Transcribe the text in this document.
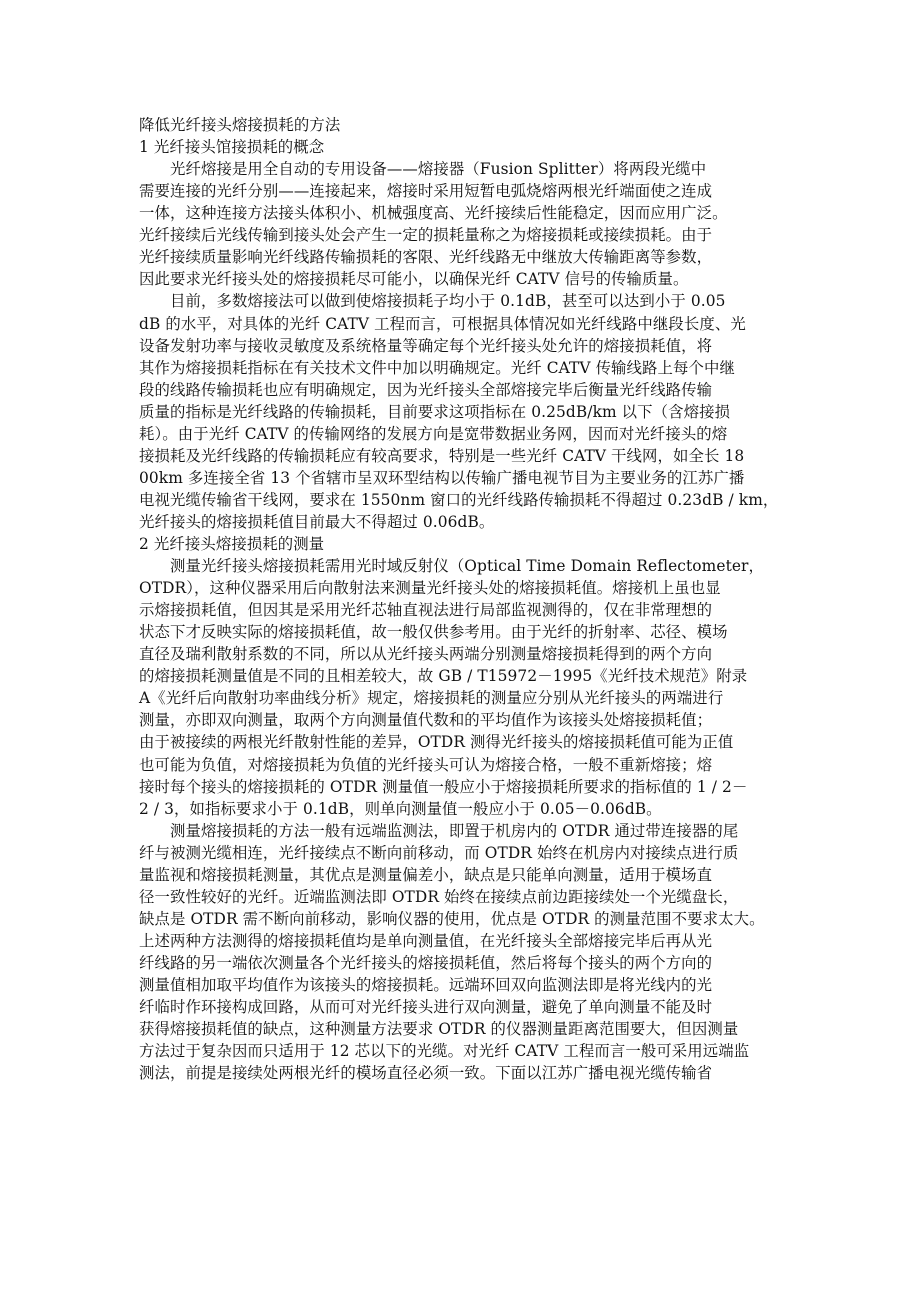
降低光纤接头熔接损耗的方法
1 光纤接头馆接损耗的概念
　　光纤熔接是用全自动的专用设备——熔接器（Fusion Splitter）将两段光缆中
需要连接的光纤分别——连接起来，熔接时采用短暂电弧烧熔两根光纤端面使之连成
一体，这种连接方法接头体积小、机械强度高、光纤接续后性能稳定，因而应用广泛。
光纤接续后光线传输到接头处会产生一定的损耗量称之为熔接损耗或接续损耗。由于
光纤接续质量影响光纤线路传输损耗的客限、光纤线路无中继放大传输距离等参数，
因此要求光纤接头处的熔接损耗尽可能小，以确保光纤 CATV 信号的传输质量。
　　目前，多数熔接法可以做到使熔接损耗子均小于 0.1dB，甚至可以达到小于 0.05
dB 的水平，对具体的光纤 CATV 工程而言，可根据具体情况如光纤线路中继段长度、光
设备发射功率与接收灵敏度及系统格量等确定每个光纤接头处允许的熔接损耗值，将
其作为熔接损耗指标在有关技术文件中加以明确规定。光纤 CATV 传输线路上每个中继
段的线路传输损耗也应有明确规定，因为光纤接头全部熔接完毕后衡量光纤线路传输
质量的指标是光纤线路的传输损耗，目前要求这项指标在 0.25dB/km 以下（含熔接损
耗）。由于光纤 CATV 的传输网络的发展方向是宽带数据业务网，因而对光纤接头的熔
接损耗及光纤线路的传输损耗应有较高要求，特别是一些光纤 CATV 干线网，如全长 18
00km 多连接全省 13 个省辖市呈双环型结构以传输广播电视节目为主要业务的江苏广播
电视光缆传输省干线网，要求在 1550nm 窗口的光纤线路传输损耗不得超过 0.23dB / km，
光纤接头的熔接损耗值目前最大不得超过 0.06dB。
2 光纤接头熔接损耗的测量
　　测量光纤接头熔接损耗需用光时域反射仪（Optical Time Domain Reflectometer，
OTDR），这种仪器采用后向散射法来测量光纤接头处的熔接损耗值。熔接机上虽也显
示熔接损耗值，但因其是采用光纤芯轴直视法进行局部监视测得的，仅在非常理想的
状态下才反映实际的熔接损耗值，故一般仅供参考用。由于光纤的折射率、芯径、模场
直径及瑞利散射系数的不同，所以从光纤接头两端分别测量熔接损耗得到的两个方向
的熔接损耗测量值是不同的且相差较大，故 GB / T15972－1995《光纤技术规范》附录
A《光纤后向散射功率曲线分析》规定，熔接损耗的测量应分别从光纤接头的两端进行
测量，亦即双向测量，取两个方向测量值代数和的平均值作为该接头处熔接损耗值；
由于被接续的两根光纤散射性能的差异，OTDR 测得光纤接头的熔接损耗值可能为正值
也可能为负值，对熔接损耗为负值的光纤接头可认为熔接合格，一般不重新熔接；熔
接时每个接头的熔接损耗的 OTDR 测量值一般应小于熔接损耗所要求的指标值的 1 / 2－
2 / 3，如指标要求小于 0.1dB，则单向测量值一般应小于 0.05－0.06dB。
　　测量熔接损耗的方法一般有远端监测法，即置于机房内的 OTDR 通过带连接器的尾
纤与被测光缆相连，光纤接续点不断向前移动，而 OTDR 始终在机房内对接续点进行质
量监视和熔接损耗测量，其优点是测量偏差小，缺点是只能单向测量，适用于模场直
径一致性较好的光纤。近端监测法即 OTDR 始终在接续点前边距接续处一个光缆盘长，
缺点是 OTDR 需不断向前移动，影响仪器的使用，优点是 OTDR 的测量范围不要求太大。
上述两种方法测得的熔接损耗值均是单向测量值，在光纤接头全部熔接完毕后再从光
纤线路的另一端依次测量各个光纤接头的熔接损耗值，然后将每个接头的两个方向的
测量值相加取平均值作为该接头的熔接损耗。远端环回双向监测法即是将光线内的光
纤临时作环接构成回路，从而可对光纤接头进行双向测量，避免了单向测量不能及时
获得熔接损耗值的缺点，这种测量方法要求 OTDR 的仪器测量距离范围要大，但因测量
方法过于复杂因而只适用于 12 芯以下的光缆。对光纤 CATV 工程而言一般可采用远端监
测法，前提是接续处两根光纤的模场直径必须一致。下面以江苏广播电视光缆传输省
